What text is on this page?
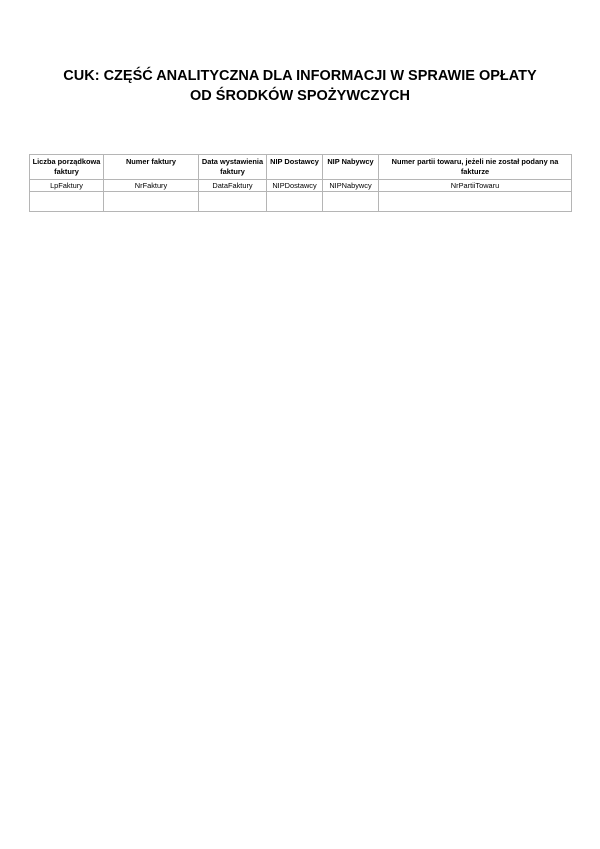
CUK: CZĘŚĆ ANALITYCZNA DLA INFORMACJI W SPRAWIE OPŁATY
OD ŚRODKÓW SPOŻYWCZYCH
Liczba porządkowa faktury	Numer faktury	Data wystawienia faktury	NIP Dostawcy	NIP Nabywcy	Numer partii towaru, jeżeli nie został podany na fakturze
LpFaktury	NrFaktury	DataFaktury	NIPDostawcy	NIPNabywcy	NrPartiiTowaru
